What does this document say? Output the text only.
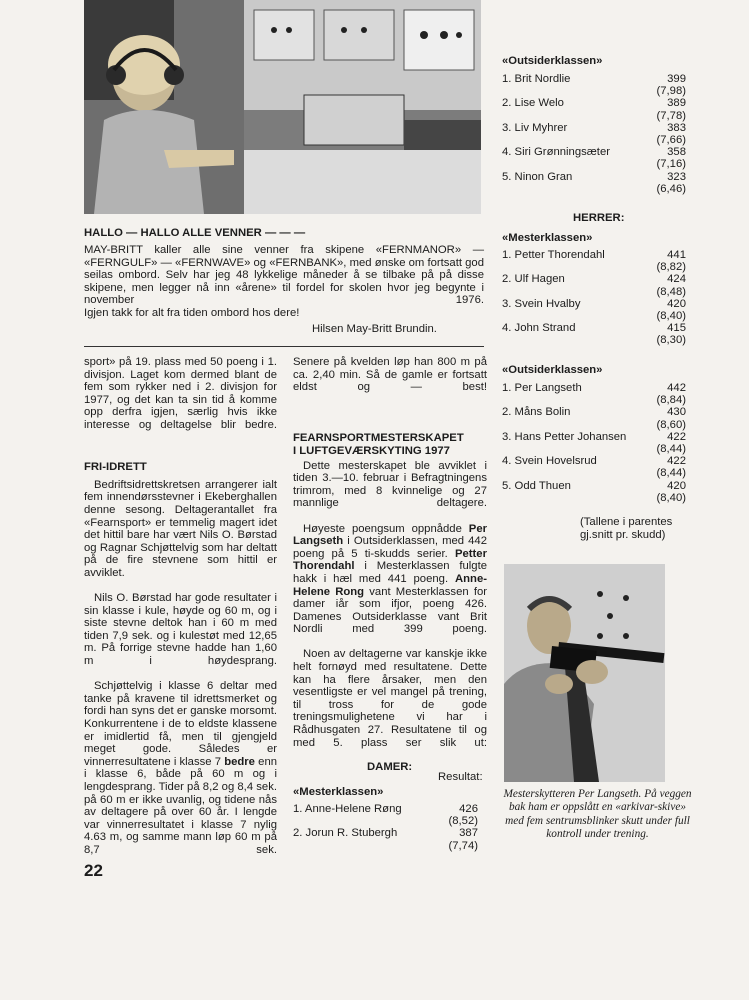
HALLO — HALLO ALLE VENNER — — —

MAY-BRITT kaller alle sine venner fra skipene «FERNMANOR» — «FERNGULF» — «FERNWAVE» og «FERNBANK», med ønske om fortsatt god seilas ombord. Selv har jeg 48 lykkelige måneder å se tilbake på på disse skipene, men legger nå inn «årene» til fordel for skolen hvor jeg begynte i november 1976.

Igjen takk for alt fra tiden ombord hos dere!

Hilsen May-Britt Brundin.

sport» på 19. plass med 50 poeng i 1. divisjon. Laget kom dermed blant de fem som rykker ned i 2. divisjon for 1977, og det kan ta sin tid å komme opp derfra igjen, særlig hvis ikke interesse og deltagelse blir bedre.

FRI-IDRETT

Bedriftsidrettskretsen arrangerer ialt fem innendørsstevner i Ekeberghallen denne sesong. Deltagerantallet fra «Fearnsport» er temmelig magert idet det hittil bare har vært Nils O. Børstad og Ragnar Schjøttelvig som har deltatt på de fire stevnene som hittil er avviklet.

Nils O. Børstad har gode resultater i sin klasse i kule, høyde og 60 m, og i siste stevne deltok han i 60 m med tiden 7,9 sek. og i kulestøt med 12,65 m. På forrige stevne hadde han 1,60 m i høydesprang.

Schjøttelvig i klasse 6 deltar med tanke på kravene til idrettsmerket og fordi han syns det er ganske morsomt. Konkurrentene i de to eldste klassene er imidlertid få, men til gjengjeld meget gode. Således er vinnerresultatene i klasse 7 bedre enn i klasse 6, både på 60 m og i lengdesprang. Tider på 8,2 og 8,4 sek. på 60 m er ikke uvanlig, og tidene nås av deltagere på over 60 år. I lengde var vinnerresultatet i klasse 7 nylig 4.63 m, og samme mann løp 60 m på 8,7 sek.

Senere på kvelden løp han 800 m på ca. 2,40 min. Så de gamle er fortsatt eldst og — best!

FEARNSPORTMESTERSKAPET
I LUFTGEVÆRSKYTING 1977

Dette mesterskapet ble avviklet i tiden 3.—10. februar i Befragtningens trimrom, med 8 kvinnelige og 27 mannlige deltagere.

Høyeste poengsum oppnådde Per Langseth i Outsiderklassen, med 442 poeng på 5 ti-skudds serier. Petter Thorendahl i Mesterklassen fulgte hakk i hæl med 441 poeng. Anne-Helene Rong vant Mesterklassen for damer iår som ifjor, poeng 426. Damenes Outsiderklasse vant Brit Nordli med 399 poeng.

Noen av deltagerne var kanskje ikke helt fornøyd med resultatene. Dette kan ha flere årsaker, men den vesentligste er vel mangel på trening, til tross for de gode treningsmulighetene vi har i Rådhusgaten 27. Resultatene til og med 5. plass ser slik ut:

DAMER:

Resultat:

«Mesterklassen»
1. Anne-Helene Røng	426
(8,52)
2. Jorun R. Stubergh	387
(7,74)
«Outsiderklassen»
1. Brit Nordlie	399
(7,98)
2. Lise Welo	389
(7,78)
3. Liv Myhrer	383
(7,66)
4. Siri Grønningsæter	358
(7,16)
5. Ninon Gran	323
(6,46)
HERRER:
«Mesterklassen»
1. Petter Thorendahl	441
(8,82)
2. Ulf Hagen	424
(8,48)
3. Svein Hvalby	420
(8,40)
4. John Strand	415
(8,30)
«Outsiderklassen»
1. Per Langseth	442
(8,84)
2. Måns Bolin	430
(8,60)
3. Hans Petter Johansen	422
(8,44)
4. Svein Hovelsrud	422
(8,44)
5. Odd Thuen	420
(8,40)

(Tallene i parentes

gj.snitt pr. skudd)

Mesterskytteren Per Langseth. På veggen bak ham er oppslått en «arkivar-skive» med fem sentrumsblinker skutt under full kontroll under trening.

22
